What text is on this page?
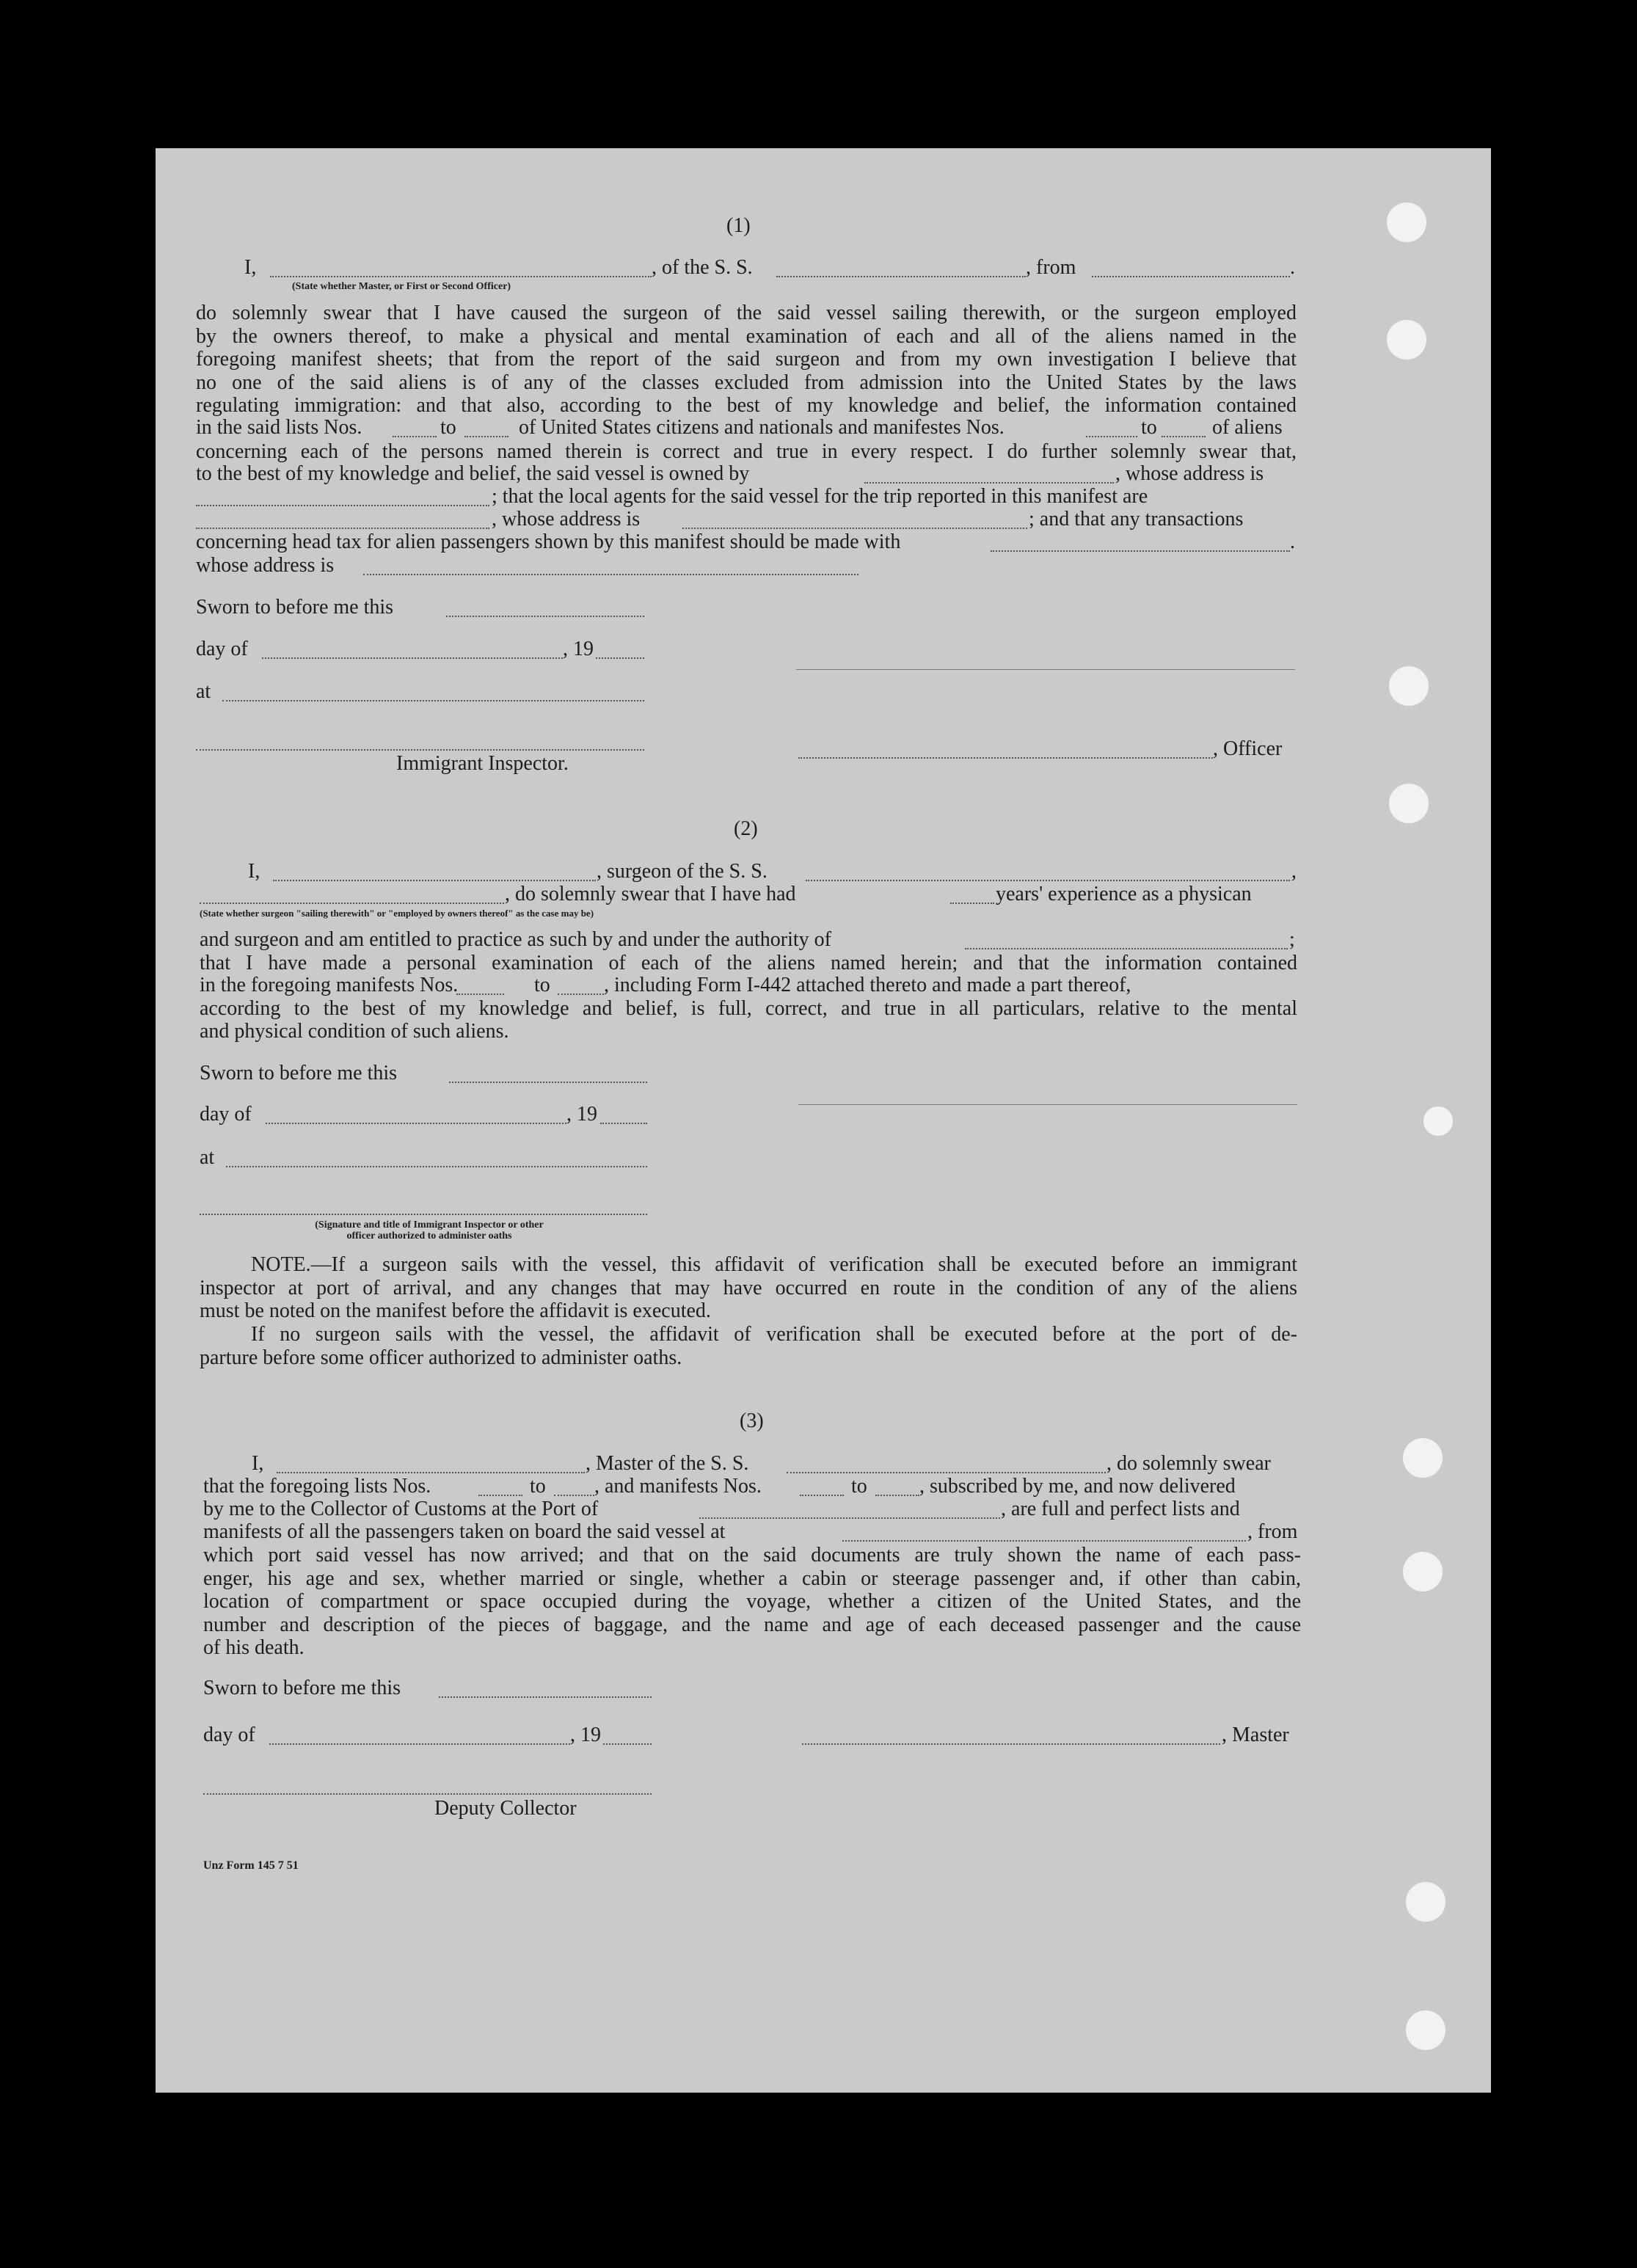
(1)
I,	, of the S. S.	, from	.
(State whether Master, or First or Second Officer)
do solemnly swear that I have caused the surgeon of the said vessel sailing therewith, or the surgeon employed
by the owners thereof, to make a physical and mental examination of each and all of the aliens named in the
foregoing manifest sheets; that from the report of the said surgeon and from my own investigation I believe that
no one of the said aliens is of any of the classes excluded from admission into the United States by the laws
regulating immigration: and that also, according to the best of my knowledge and belief, the information contained
in the said lists Nos.	to	of United States citizens and nationals and manifestes Nos.	to	of aliens
concerning each of the persons named therein is correct and true in every respect. I do further solemnly swear that,
to the best of my knowledge and belief, the said vessel is owned by	, whose address is
; that the local agents for the said vessel for the trip reported in this manifest are
, whose address is	; and that any transactions
concerning head tax for alien passengers shown by this manifest should be made with	.
whose address is
Sworn to before me this
day of	, 19
at
, Officer
Immigrant Inspector.
(2)
I,	, surgeon of the S. S.	,
, do solemnly swear that I have had	years' experience as a physican
(State whether surgeon "sailing therewith" or "employed by owners thereof" as the case may be)
and surgeon and am entitled to practice as such by and under the authority of	;
that I have made a personal examination of each of the aliens named herein; and that the information contained
in the foregoing manifests Nos.	to	, including Form I-442 attached thereto and made a part thereof,
according to the best of my knowledge and belief, is full, correct, and true in all particulars, relative to the mental
and physical condition of such aliens.
Sworn to before me this
day of	, 19
at
(Signature and title of Immigrant Inspector or other
officer authorized to administer oaths
NOTE.—If a surgeon sails with the vessel, this affidavit of verification shall be executed before an immigrant
inspector at port of arrival, and any changes that may have occurred en route in the condition of any of the aliens
must be noted on the manifest before the affidavit is executed.
If no surgeon sails with the vessel, the affidavit of verification shall be executed before at the port of de-
parture before some officer authorized to administer oaths.
(3)
I,	, Master of the S. S.	, do solemnly swear
that the foregoing lists Nos.	to , and manifests Nos.	to	, subscribed by me, and now delivered
by me to the Collector of Customs at the Port of	, are full and perfect lists and
manifests of all the passengers taken on board the said vessel at	, from
which port said vessel has now arrived; and that on the said documents are truly shown the name of each pass-
enger, his age and sex, whether married or single, whether a cabin or steerage passenger and, if other than cabin,
location of compartment or space occupied during the voyage, whether a citizen of the United States, and the
number and description of the pieces of baggage, and the name and age of each deceased passenger and the cause
of his death.
Sworn to before me this
day of	, 19	, Master
Deputy Collector
Unz Form 145 7 51
